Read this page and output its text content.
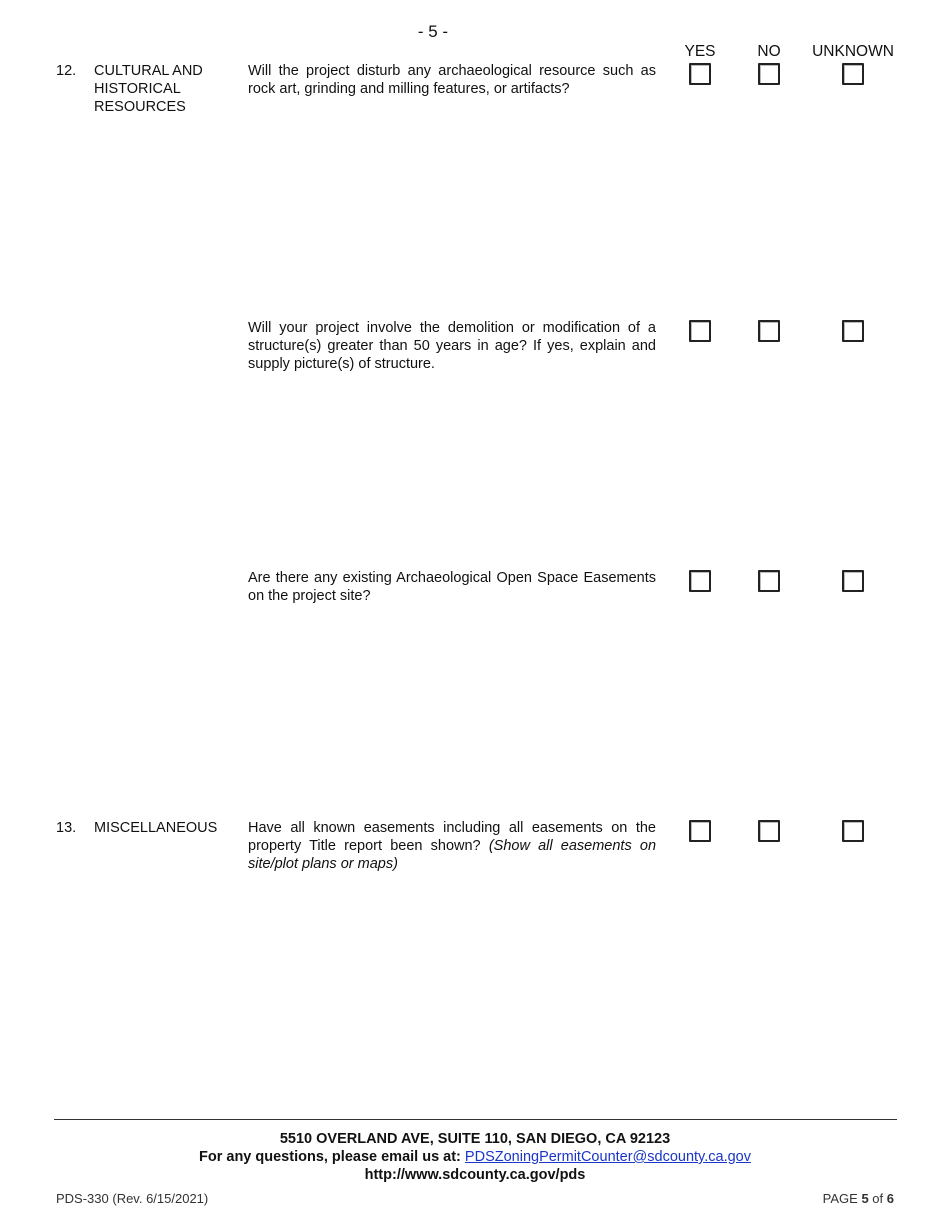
- 5 -
YES	NO	UNKNOWN
12. CULTURAL AND
HISTORICAL
RESOURCES
Will the project disturb any archaeological resource such as rock art, grinding and milling features, or artifacts?
Will your project involve the demolition or modification of a structure(s) greater than 50 years in age? If yes, explain and supply picture(s) of structure.
Are there any existing Archaeological Open Space Easements on the project site?
13. MISCELLANEOUS	Have all known easements including all easements on the property Title report been shown? (Show all easements on site/plot plans or maps)
5510 OVERLAND AVE, SUITE 110, SAN DIEGO, CA 92123
For any questions, please email us at: PDSZoningPermitCounter@sdcounty.ca.gov
http://www.sdcounty.ca.gov/pds
PDS-330 (Rev. 6/15/2021)	PAGE 5 of 6
